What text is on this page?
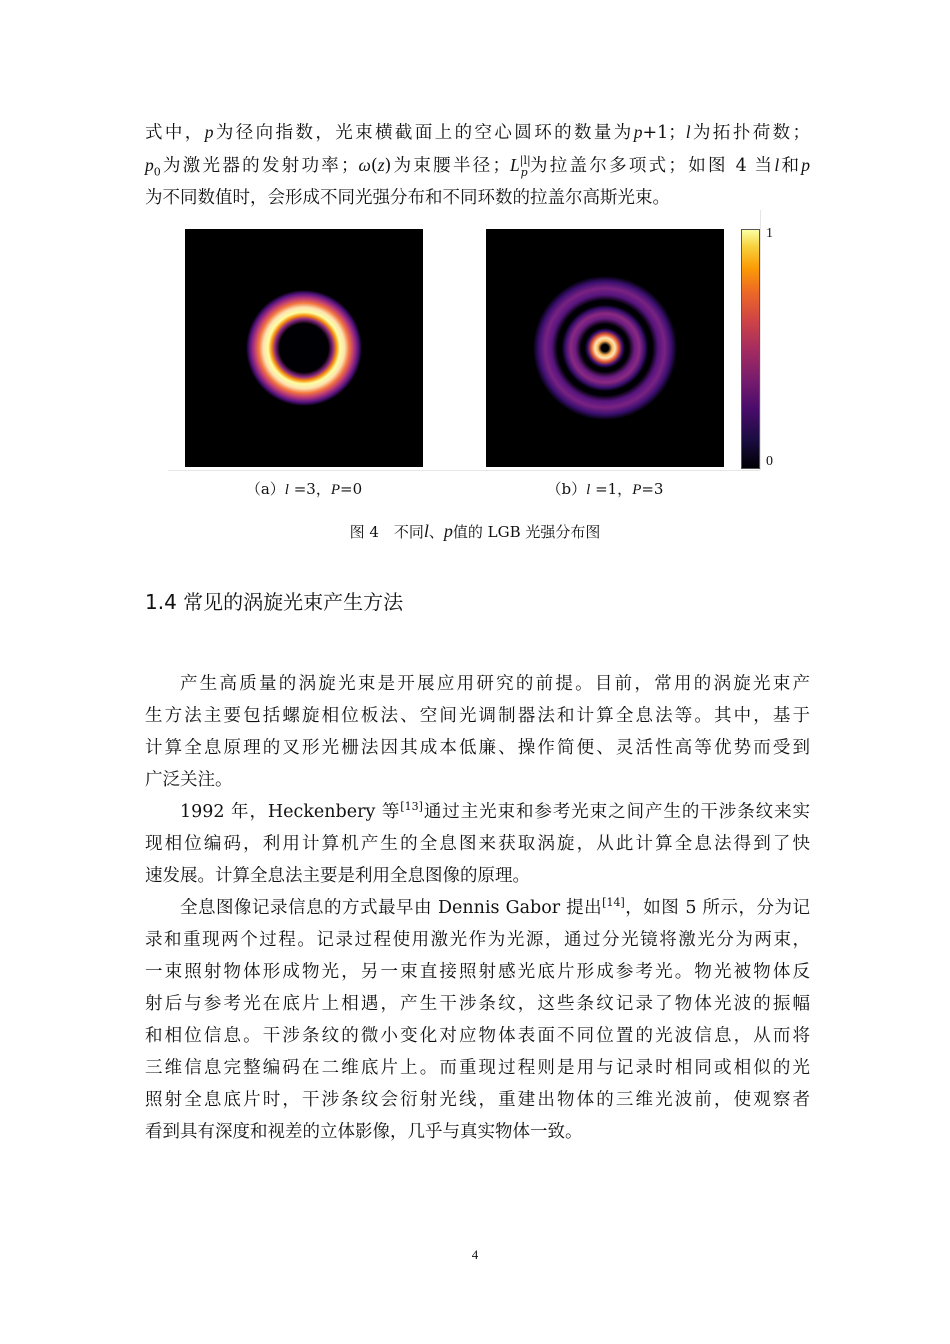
式中，p为径向指数，光束横截面上的空心圆环的数量为p+1；l为拓扑荷数；
$p_0$为激光器的发射功率；ω(z)为束腰半径；$L^{|l|}_p$为拉盖尔多项式；如图 4 当l和p
为不同数值时，会形成不同光强分布和不同环数的拉盖尔高斯光束。
1
0
（a）l =3，P=0	（b）l =1，P=3
图 4　不同l、p值的 LGB 光强分布图
1.4 常见的涡旋光束产生方法
产生高质量的涡旋光束是开展应用研究的前提。目前，常用的涡旋光束产
生方法主要包括螺旋相位板法、空间光调制器法和计算全息法等。其中，基于
计算全息原理的叉形光栅法因其成本低廉、操作简便、灵活性高等优势而受到
广泛关注。
1992 年，Heckenbery 等[13]通过主光束和参考光束之间产生的干涉条纹来实
现相位编码，利用计算机产生的全息图来获取涡旋，从此计算全息法得到了快
速发展。计算全息法主要是利用全息图像的原理。
全息图像记录信息的方式最早由 Dennis Gabor 提出[14]，如图 5 所示，分为记
录和重现两个过程。记录过程使用激光作为光源，通过分光镜将激光分为两束，
一束照射物体形成物光，另一束直接照射感光底片形成参考光。物光被物体反
射后与参考光在底片上相遇，产生干涉条纹，这些条纹记录了物体光波的振幅
和相位信息。干涉条纹的微小变化对应物体表面不同位置的光波信息，从而将
三维信息完整编码在二维底片上。而重现过程则是用与记录时相同或相似的光
照射全息底片时，干涉条纹会衍射光线，重建出物体的三维光波前，使观察者
看到具有深度和视差的立体影像，几乎与真实物体一致。
4
